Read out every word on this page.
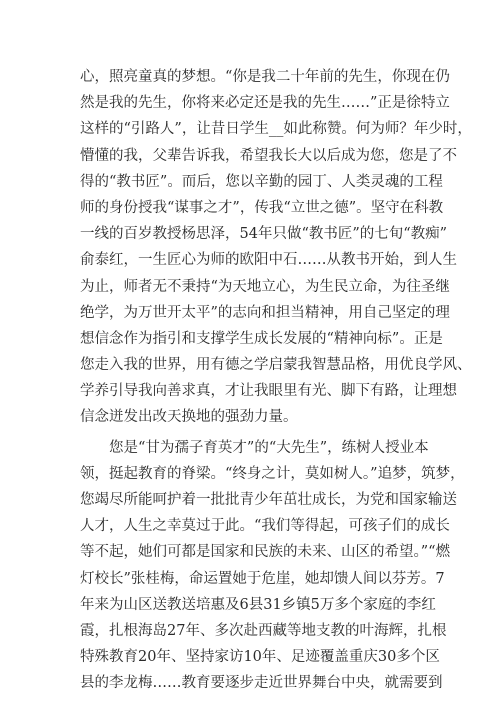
心，照亮童真的梦想。“你是我二十年前的先生，你现在仍
然是我的先生，你将来必定还是我的先生……”正是徐特立
这样的“引路人”，让昔日学生__如此称赞。何为师？年少时，
懵懂的我，父辈告诉我，希望我长大以后成为您，您是了不
得的“教书匠”。而后，您以辛勤的园丁、人类灵魂的工程
师的身份授我“谋事之才”，传我“立世之德”。坚守在科教
一线的百岁教授杨思泽，54年只做“教书匠”的七旬“教痴”
俞泰红，一生匠心为师的欧阳中石……从教书开始，到人生
为止，师者无不秉持“为天地立心，为生民立命，为往圣继
绝学，为万世开太平”的志向和担当精神，用自己坚定的理
想信念作为指引和支撑学生成长发展的“精神向标”。正是
您走入我的世界，用有德之学启蒙我智慧品格，用优良学风、
学养引导我向善求真，才让我眼里有光、脚下有路，让理想
信念迸发出改天换地的强劲力量。
　　您是“甘为孺子育英才”的“大先生”，练树人授业本
领，挺起教育的脊梁。“终身之计，莫如树人。”追梦，筑梦，
您竭尽所能呵护着一批批青少年茁壮成长，为党和国家输送
人才，人生之幸莫过于此。“我们等得起，可孩子们的成长
等不起，她们可都是国家和民族的未来、山区的希望。”“燃
灯校长”张桂梅，命运置她于危崖，她却馈人间以芬芳。7
年来为山区送教送培惠及6县31乡镇5万多个家庭的李红
霞，扎根海岛27年、多次赴西藏等地支教的叶海辉，扎根
特殊教育20年、坚持家访10年、足迹覆盖重庆30多个区
县的李龙梅……教育要逐步走近世界舞台中央，就需要到
